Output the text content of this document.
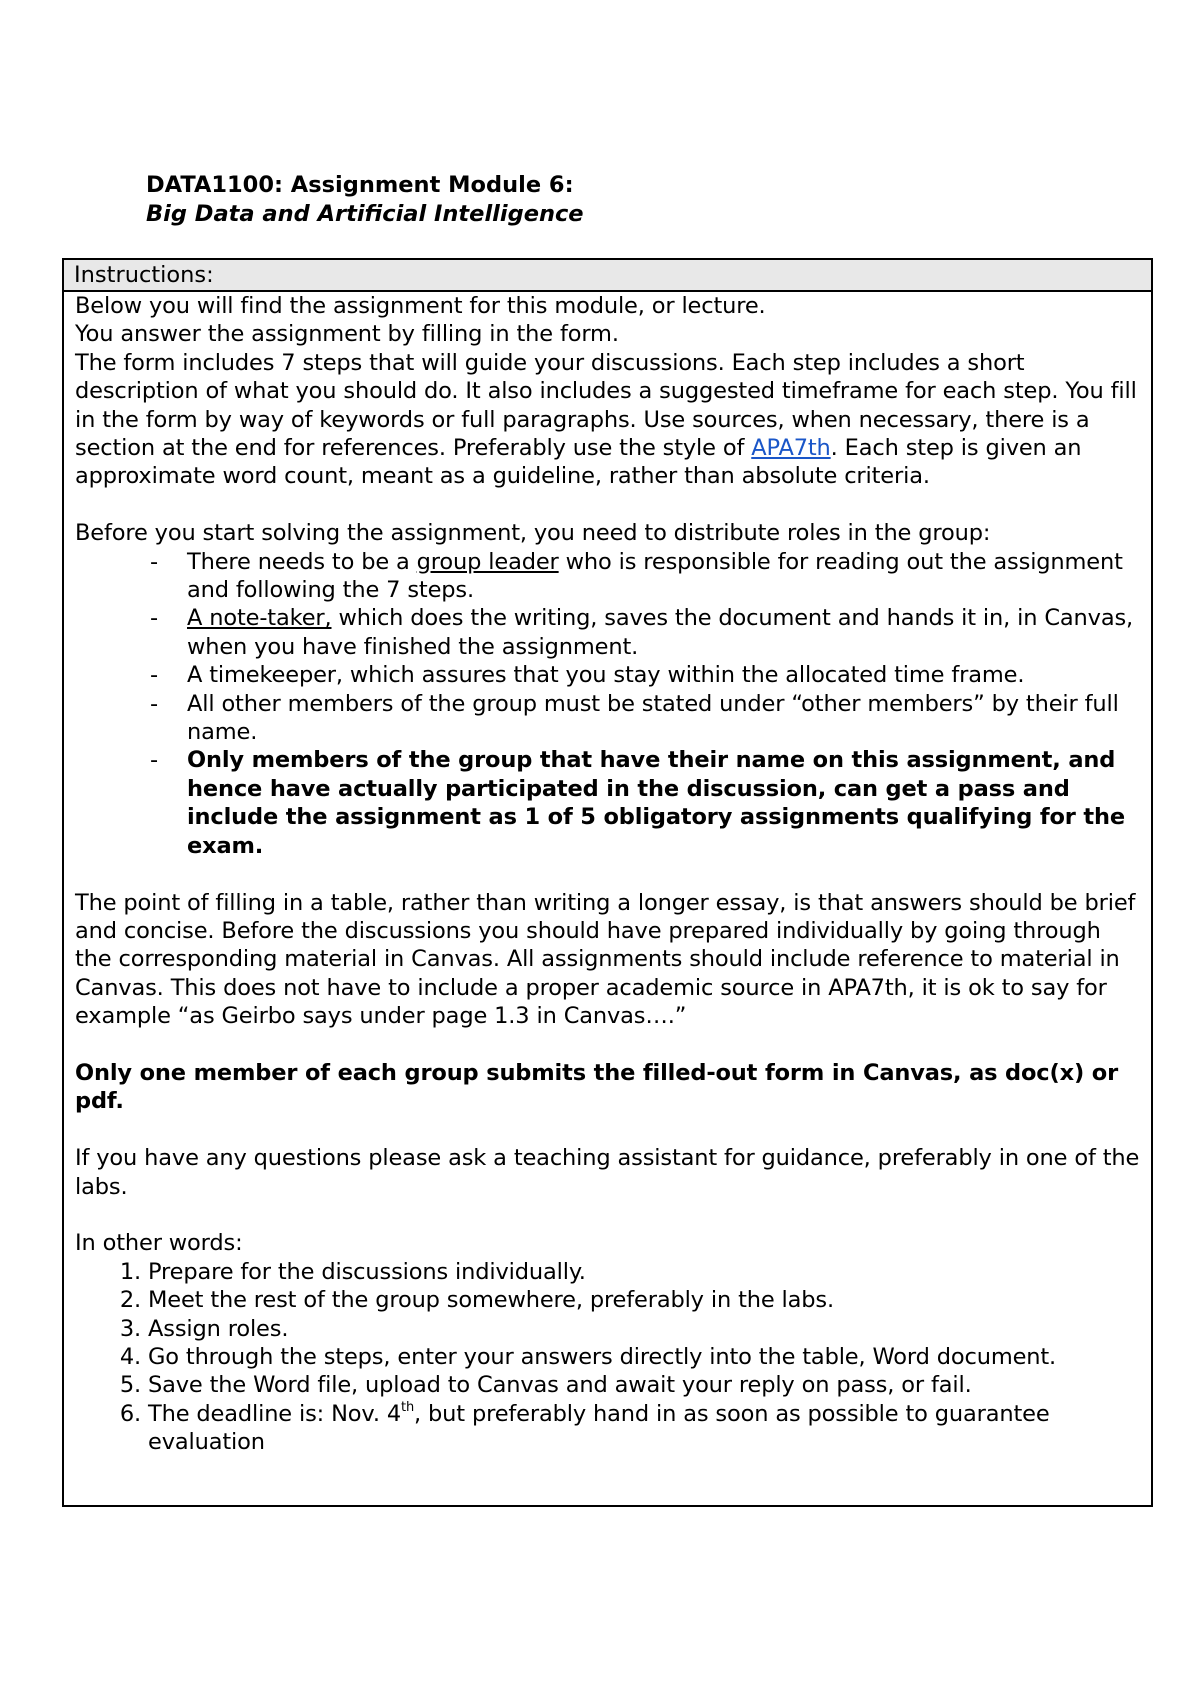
DATA1100: Assignment Module 6:
Big Data and Artificial Intelligence
Instructions:

Below you will find the assignment for this module, or lecture.

You answer the assignment by filling in the form.

The form includes 7 steps that will guide your discussions. Each step includes a short description of what you should do. It also includes a suggested timeframe for each step. You fill in the form by way of keywords or full paragraphs. Use sources, when necessary, there is a section at the end for references. Preferably use the style of APA7th. Each step is given an approximate word count, meant as a guideline, rather than absolute criteria.

Before you start solving the assignment, you need to distribute roles in the group:

- There needs to be a group leader who is responsible for reading out the assignment and following the 7 steps.
- A note-taker, which does the writing, saves the document and hands it in, in Canvas, when you have finished the assignment.
- A timekeeper, which assures that you stay within the allocated time frame.
- All other members of the group must be stated under “other members” by their full name.
- Only members of the group that have their name on this assignment, and hence have actually participated in the discussion, can get a pass and include the assignment as 1 of 5 obligatory assignments qualifying for the exam.

The point of filling in a table, rather than writing a longer essay, is that answers should be brief and concise. Before the discussions you should have prepared individually by going through the corresponding material in Canvas. All assignments should include reference to material in Canvas. This does not have to include a proper academic source in APA7th, it is ok to say for example “as Geirbo says under page 1.3 in Canvas….”

Only one member of each group submits the filled-out form in Canvas, as doc(x) or pdf.

If you have any questions please ask a teaching assistant for guidance, preferably in one of the labs.

In other words:

1. Prepare for the discussions individually.
2. Meet the rest of the group somewhere, preferably in the labs.
3. Assign roles.
4. Go through the steps, enter your answers directly into the table, Word document.
5. Save the Word file, upload to Canvas and await your reply on pass, or fail.
6. The deadline is: Nov. 4th, but preferably hand in as soon as possible to guarantee evaluation
